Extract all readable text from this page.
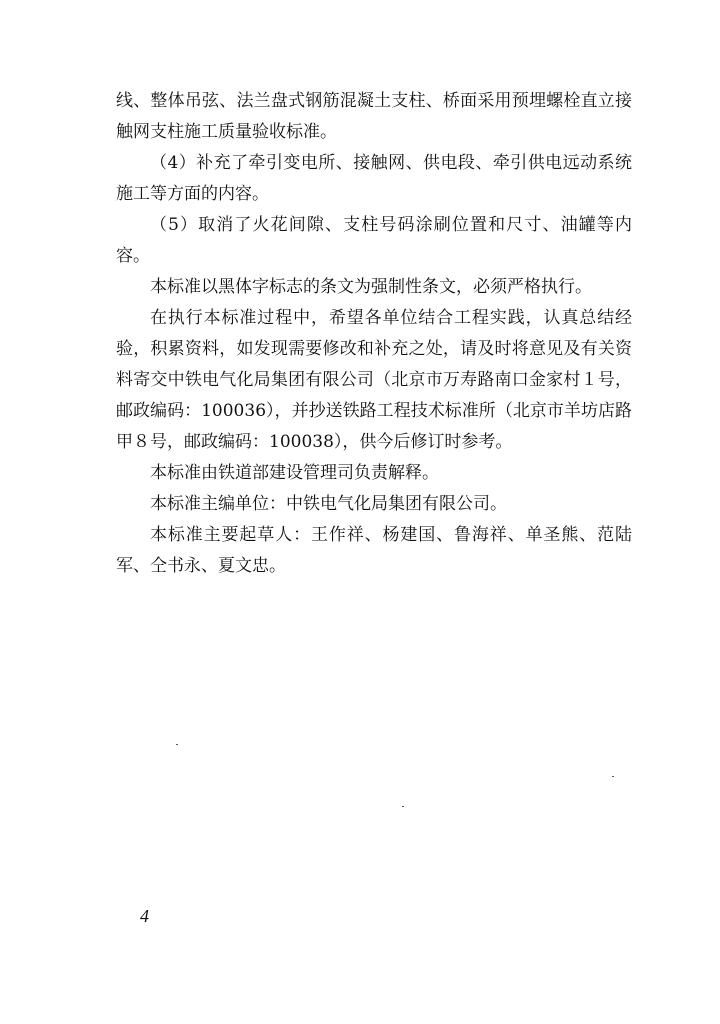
线、整体吊弦、法兰盘式钢筋混凝土支柱、桥面采用预埋螺栓直立接触网支柱施工质量验收标准。

（4）补充了牵引变电所、接触网、供电段、牵引供电远动系统施工等方面的内容。

（5）取消了火花间隙、支柱号码涂刷位置和尺寸、油罐等内容。

本标准以黑体字标志的条文为强制性条文，必须严格执行。

在执行本标准过程中，希望各单位结合工程实践，认真总结经验，积累资料，如发现需要修改和补充之处，请及时将意见及有关资料寄交中铁电气化局集团有限公司（北京市万寿路南口金家村１号，邮政编码：100036），并抄送铁路工程技术标准所（北京市羊坊店路甲８号，邮政编码：100038），供今后修订时参考。

本标准由铁道部建设管理司负责解释。

本标准主编单位：中铁电气化局集团有限公司。

本标准主要起草人：王作祥、杨建国、鲁海祥、单圣熊、范陆军、仝书永、夏文忠。

4
